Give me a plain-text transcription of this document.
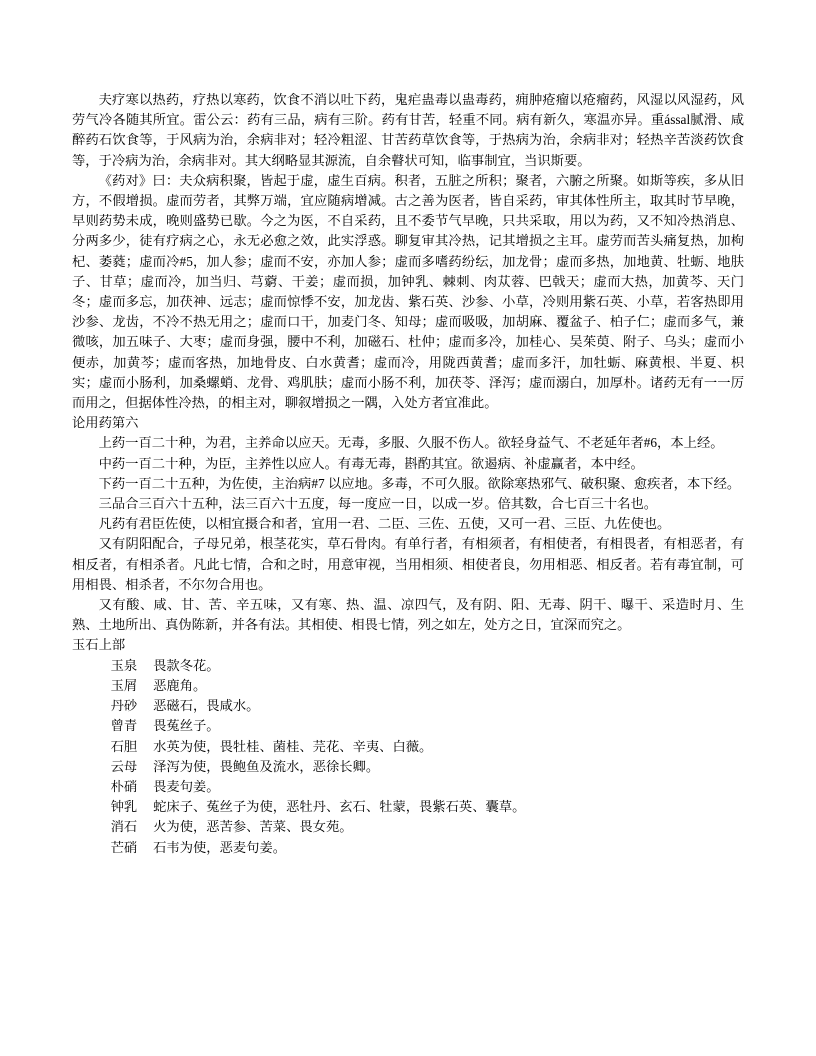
夫疗寒以热药，疗热以寒药，饮食不消以吐下药，鬼疟蛊毒以蛊毒药，痈肿疮瘤以疮瘤药，风湿以风湿药，风劳气冷各随其所宜。雷公云：药有三品，病有三阶。药有甘苦，轻重不同。病有新久，寒温亦异。重ással腻滑、咸醉药石饮食等，于风病为治，余病非对；轻冷粗涩、甘苦药草饮食等，于热病为治，余病非对；轻热辛苦淡药饮食等，于冷病为治，余病非对。其大纲略显其源流，自余瞽状可知，临事制宜，当识斯要。

《药对》曰：夫众病积聚，皆起于虚，虚生百病。积者，五脏之所积；聚者，六腑之所聚。如斯等疾，多从旧方，不假增损。虚而劳者，其弊万端，宜应随病增减。古之善为医者，皆自采药，审其体性所主，取其时节早晚，早则药势未成，晚则盛势已歇。今之为医，不自采药，且不委节气早晚，只共采取，用以为药，又不知冷热消息、分两多少，徒有疗病之心，永无必愈之效，此实浮惑。聊复审其冷热，记其增损之主耳。虚劳而苦头痛复热，加枸杞、萎蕤；虚而冷#5，加人参；虚而不安，亦加人参；虚而多嗜药纷纭，加龙骨；虚而多热，加地黄、牡蛎、地肤子、甘草；虚而冷，加当归、芎藭、干姜；虚而损，加钟乳、棘刺、肉苁蓉、巴戟天；虚而大热，加黄芩、天门冬；虚而多忘，加茯神、远志；虚而惊悸不安，加龙齿、紫石英、沙参、小草，冷则用紫石英、小草，若客热即用沙参、龙齿，不冷不热无用之；虚而口干，加麦门冬、知母；虚而吸吸，加胡麻、覆盆子、柏子仁；虚而多气，兼微咳，加五味子、大枣；虚而身强，腰中不利，加磁石、杜仲；虚而多冷，加桂心、吴茱萸、附子、乌头；虚而小便赤，加黄芩；虚而客热，加地骨皮、白水黄耆；虚而冷，用陇西黄耆；虚而多汗，加牡蛎、麻黄根、半夏、枳实；虚而小肠利，加桑螺蛸、龙骨、鸡肌肤；虚而小肠不利，加茯苓、泽泻；虚而溺白，加厚朴。诸药无有一一厉而用之，但据体性冷热，的相主对，聊叙增损之一隅，入处方者宜准此。

论用药第六

上药一百二十种，为君，主养命以应天。无毒，多服、久服不伤人。欲轻身益气、不老延年者#6，本上经。

中药一百二十种，为臣，主养性以应人。有毒无毒，斟酌其宜。欲遏病、补虚赢者，本中经。

下药一百二十五种，为佐使，主治病#7 以应地。多毒，不可久服。欲除寒热邪气、破积聚、愈疾者，本下经。

三品合三百六十五种，法三百六十五度，每一度应一日，以成一岁。倍其数，合七百三十名也。

凡药有君臣佐使，以相宜摄合和者，宜用一君、二臣、三佐、五使，又可一君、三臣、九佐使也。

又有阴阳配合，子母兄弟，根茎花实，草石骨肉。有单行者，有相须者，有相使者，有相畏者，有相恶者，有相反者，有相杀者。凡此七情，合和之时，用意审视，当用相须、相使者良，勿用相恶、相反者。若有毒宜制，可用相畏、相杀者，不尔勿合用也。

又有酸、咸、甘、苦、辛五味，又有寒、热、温、凉四气，及有阴、阳、无毒、阴干、曝干、采造时月、生熟、土地所出、真伪陈新，并各有法。其相使、相畏七情，列之如左，处方之日，宜深而究之。

玉石上部

玉泉 畏款冬花。

玉屑 恶鹿角。

丹砂 恶磁石，畏咸水。

曾青 畏菟丝子。

石胆 水英为使，畏牡桂、菌桂、芫花、辛夷、白薇。

云母 泽泻为使，畏鲍鱼及流水，恶徐长卿。

朴硝 畏麦句姜。

钟乳 蛇床子、菟丝子为使，恶牡丹、玄石、牡蒙，畏紫石英、囊草。

消石 火为使，恶苦参、苦菜、畏女苑。

芒硝 石韦为使，恶麦句姜。
